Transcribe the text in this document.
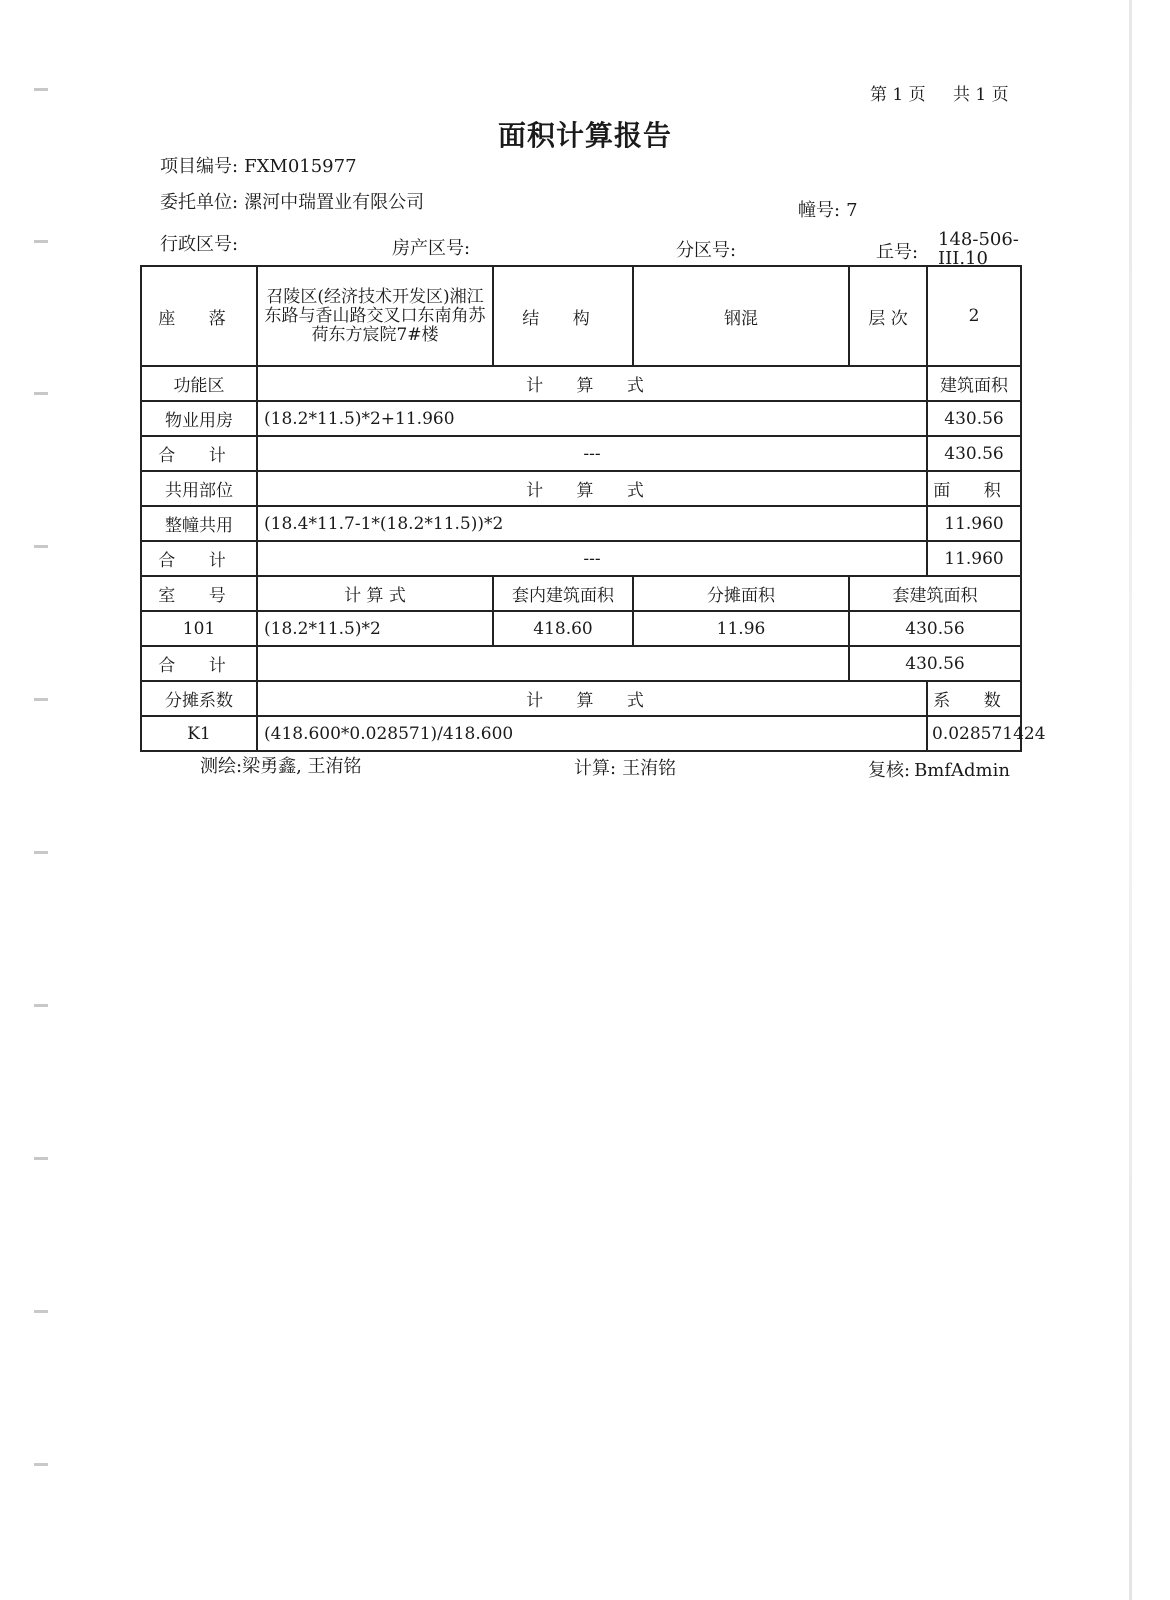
第 1 页 共 1 页
面积计算报告
项目编号: FXM015977
委托单位: 漯河中瑞置业有限公司	幢号: 7
行政区号:	房产区号:	分区号:	丘号:
148-506-
III.10
座 落	召陵区(经济技术开发区)湘江东路与香山路交叉口东南角苏荷东方宸院7#楼	结 构	钢混	层 次	2
功能区	计 算 式				建筑面积
物业用房	(18.2*11.5)*2+11.960				430.56
合 计	---				430.56
共用部位	计 算 式				面 积
整幢共用	(18.4*11.7-1*(18.2*11.5))*2				11.960
合 计	---				11.960
室 号	计 算 式	套内建筑面积	分摊面积	套建筑面积	
101	(18.2*11.5)*2	418.60	11.96	430.56	
合 计				430.56	
分摊系数	计 算 式				系 数
K1	(418.600*0.028571)/418.600				0.028571424
测绘:梁勇鑫, 王洧铭	计算: 王洧铭	复核: BmfAdmin
